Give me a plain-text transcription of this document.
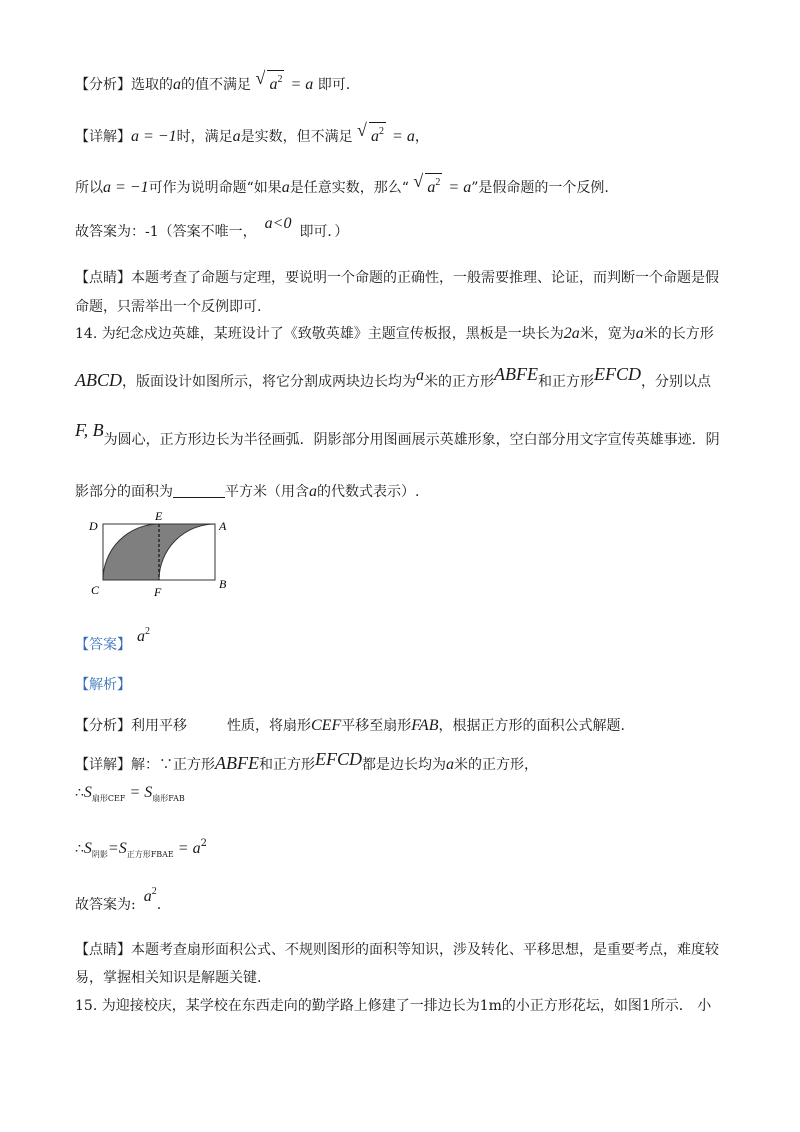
【分析】选取的a的值不满足 √ $a^2 = a$ 即可.
【详解】a = −1时，满足a是实数，但不满足 √ $a^2 = a$，
所以a = −1可作为说明命题“如果a是任意实数，那么“ √ $a^2 = a$”是假命题的一个反例.
故答案为：-1（答案不唯一， a<0 即可．）
【点睛】本题考查了命题与定理，要说明一个命题的正确性，一般需要推理、论证，而判断一个命题是假
命题，只需举出一个反例即可.
14. 为纪念戍边英雄，某班设计了《致敬英雄》主题宣传板报，黑板是一块长为2a米，宽为a米的长方形
ABCD，版面设计如图所示，将它分割成两块边长均为a米的正方形ABFE和正方形EFCD，分别以点
F, B为圆心，正方形边长为半径画弧．阴影部分用图画展示英雄形象，空白部分用文字宣传英雄事迹．阴
影部分的面积为	平方米（用含a的代数式表示）.
D
E
A
C	F
B
【答案】 $a^2$
【解析】
【分析】利用平移	性质，将扇形CEF平移至扇形FAB，根据正方形的面积公式解题.
【详解】解：∵正方形ABFE和正方形EFCD都是边长均为a米的正方形，
$\therefore S_{扇形CEF} = S_{扇形FAB}$
$\therefore S_{阴影}=S_{正方形FBAE} = a^2$
故答案为: $a^2$.
【点睛】本题考查扇形面积公式、不规则图形的面积等知识，涉及转化、平移思想，是重要考点，难度较
易，掌握相关知识是解题关键.
15. 为迎接校庆，某学校在东西走向的勤学路上修建了一排边长为1m的小正方形花坛，如图1所示． 小
